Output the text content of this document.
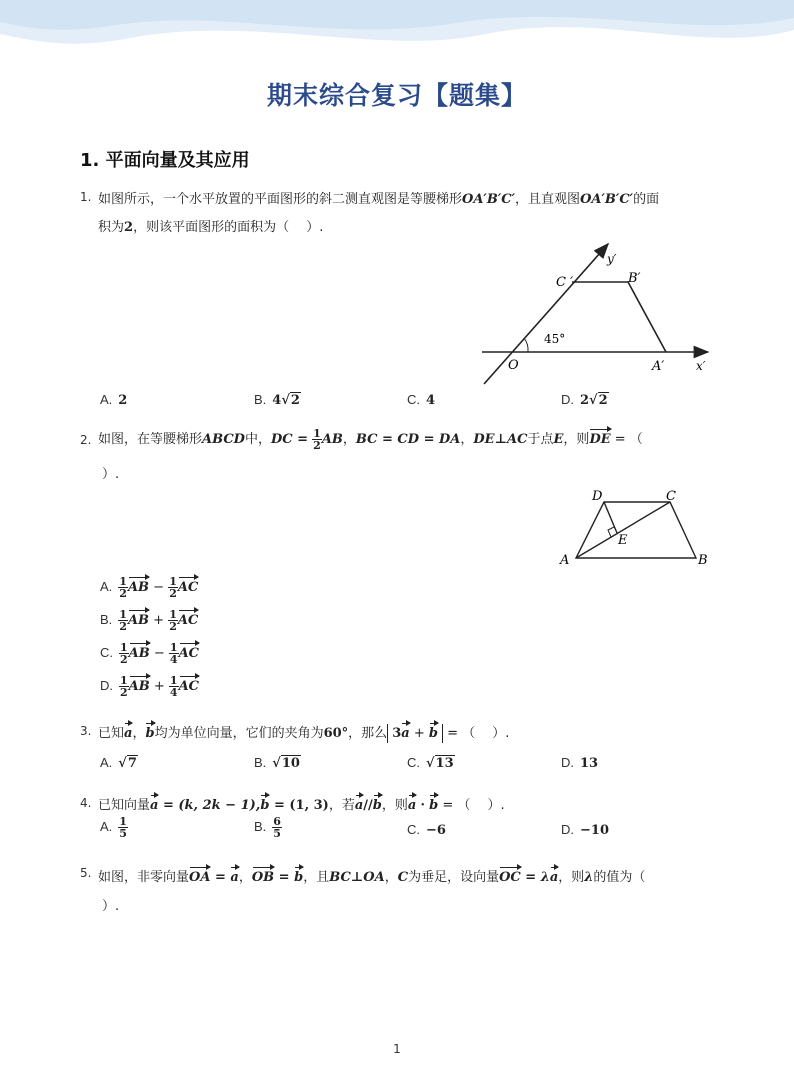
期末综合复习【题集】
1. 平面向量及其应用
1. 如图所示，一个水平放置的平面图形的斜二测直观图是等腰梯形OA′B′C′，且直观图OA′B′C′的面
积为2，则该平面图形的面积为（　 ）.
y′
x′
C ′	B′
O	A′
45°
A. 2	B. 4√2	C. 4	D. 2√2
2. 如图，在等腰梯形ABCD中，DC = $\frac{1}{2}$ AB，BC = CD = DA，DE⊥AC于点E，则DE = （
）.
D	C
E
A	B
A. $\frac{1}{2}$ AB − $\frac{1}{2}$ AC
B. $\frac{1}{2}$ AB + $\frac{1}{2}$ AC
C. $\frac{1}{2}$ AB − $\frac{1}{4}$ AC
D. $\frac{1}{2}$ AB + $\frac{1}{4}$ AC
3. 已知a，b均为单位向量，它们的夹角为60°，那么 3a + b = （　 ）.
A. √7	B. √10	C. √13	D. 13
4. 已知向量a = (k, 2k − 1),b = (1, 3)，若a//b，则a · b = （　 ）.
A. $\frac{1}{5}$	B. $\frac{6}{5}$	C. −6	D. −10
5. 如图，非零向量OA = a，OB = b，且BC⊥OA，C为垂足，设向量OC = λa，则λ的值为（
）.
1
